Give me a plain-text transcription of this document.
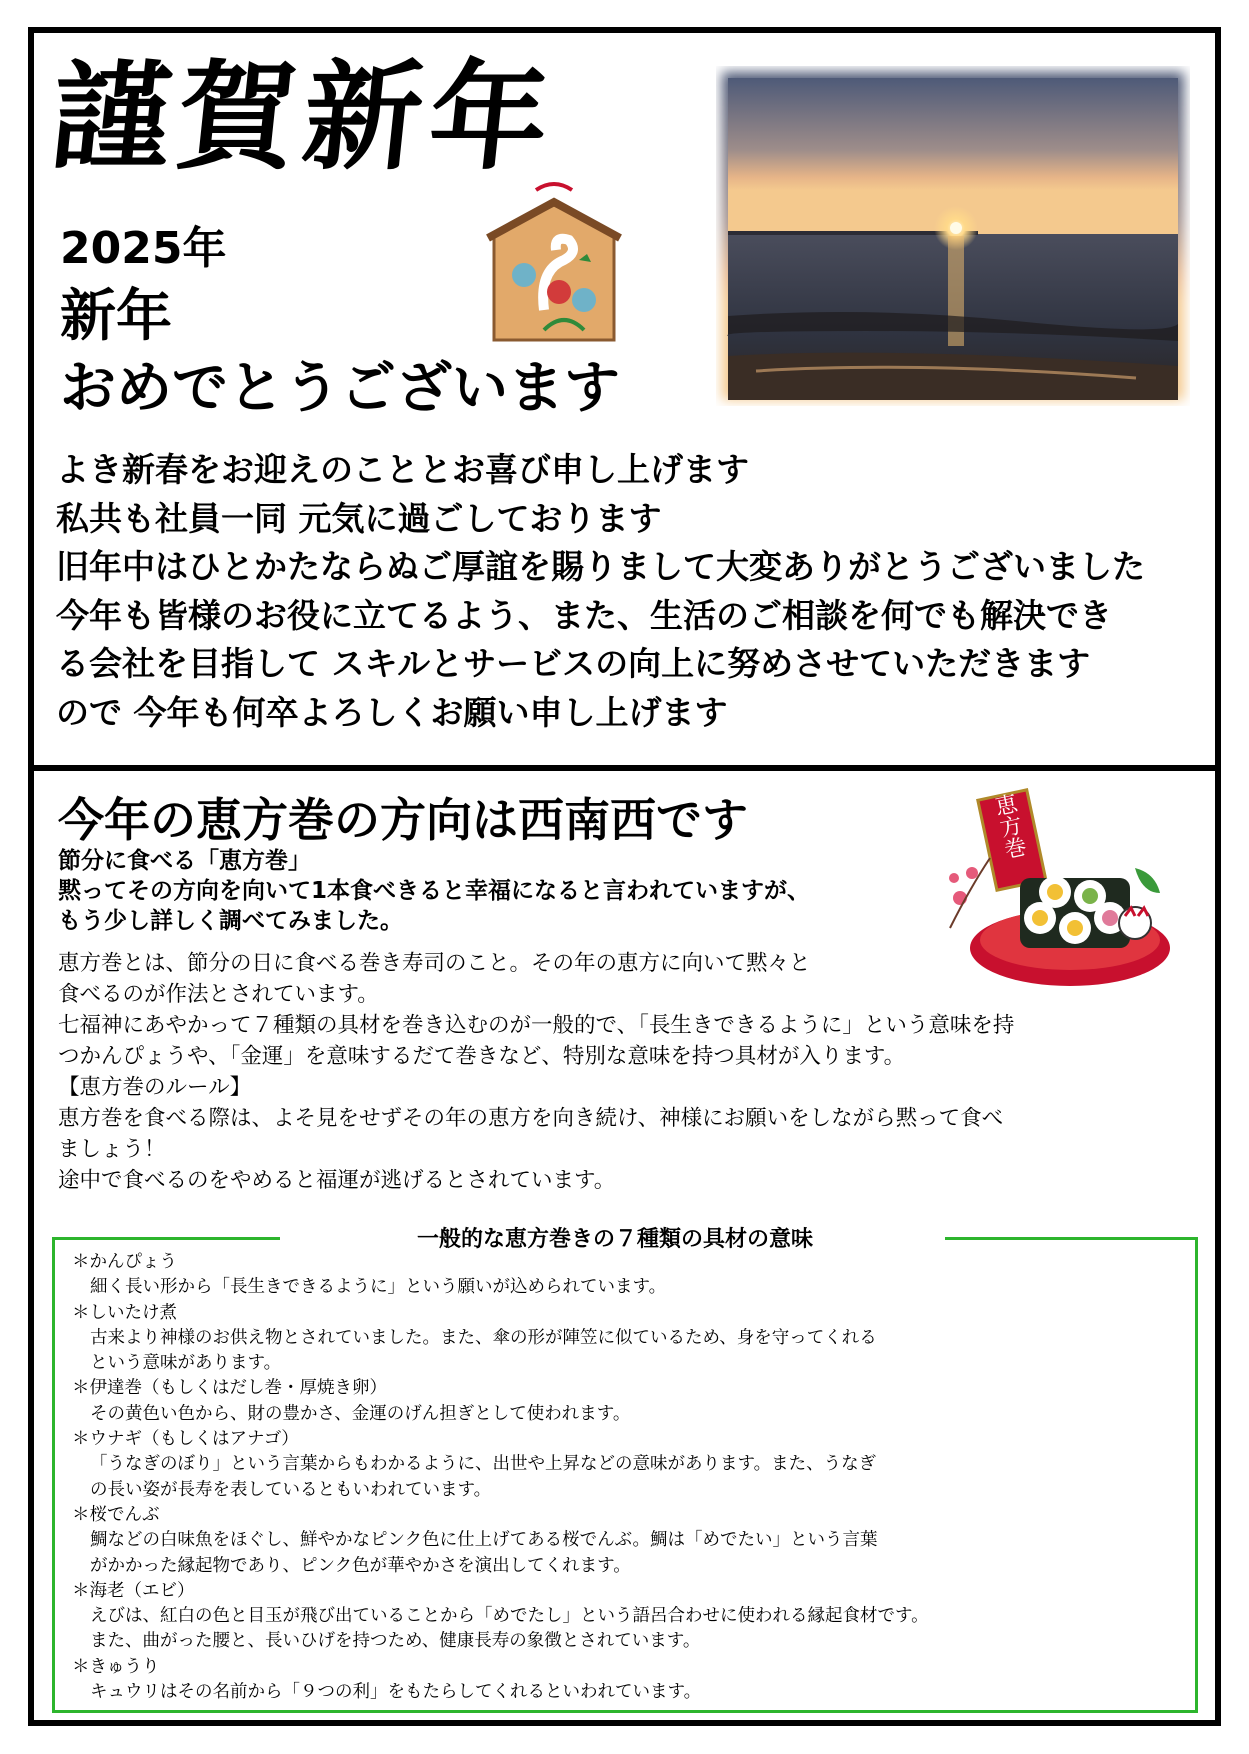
謹賀新年
2025年
新年
おめでとうございます
よき新春をお迎えのこととお喜び申し上げます
私共も社員一同 元気に過ごしております
旧年中はひとかたならぬご厚誼を賜りまして大変ありがとうございました
今年も皆様のお役に立てるよう、また、生活のご相談を何でも解決でき
る会社を目指して スキルとサービスの向上に努めさせていただきます
ので 今年も何卒よろしくお願い申し上げます
今年の恵方巻の方向は西南西です	恵方巻
節分に食べる「恵方巻」
黙ってその方向を向いて1本食べきると幸福になると言われていますが、
もう少し詳しく調べてみました。
恵方巻とは、節分の日に食べる巻き寿司のこと。その年の恵方に向いて黙々と
食べるのが作法とされています。
七福神にあやかって７種類の具材を巻き込むのが一般的で、「長生きできるように」という意味を持
つかんぴょうや、「金運」を意味するだて巻きなど、特別な意味を持つ具材が入ります。
【恵方巻のルール】
恵方巻を食べる際は、よそ見をせずその年の恵方を向き続け、神様にお願いをしながら黙って食べ
ましょう！
途中で食べるのをやめると福運が逃げるとされています。
一般的な恵方巻きの７種類の具材の意味
＊かんぴょう
細く長い形から「長生きできるように」という願いが込められています。
＊しいたけ煮
古来より神様のお供え物とされていました。また、傘の形が陣笠に似ているため、身を守ってくれる
という意味があります。
＊伊達巻（もしくはだし巻・厚焼き卵）
その黄色い色から、財の豊かさ、金運のげん担ぎとして使われます。
＊ウナギ（もしくはアナゴ）
「うなぎのぼり」という言葉からもわかるように、出世や上昇などの意味があります。また、うなぎ
の長い姿が長寿を表しているともいわれています。
＊桜でんぶ
鯛などの白味魚をほぐし、鮮やかなピンク色に仕上げてある桜でんぶ。鯛は「めでたい」という言葉
がかかった縁起物であり、ピンク色が華やかさを演出してくれます。
＊海老（エビ）
えびは、紅白の色と目玉が飛び出ていることから「めでたし」という語呂合わせに使われる縁起食材です。
また、曲がった腰と、長いひげを持つため、健康長寿の象徴とされています。
＊きゅうり
キュウリはその名前から「９つの利」をもたらしてくれるといわれています。
